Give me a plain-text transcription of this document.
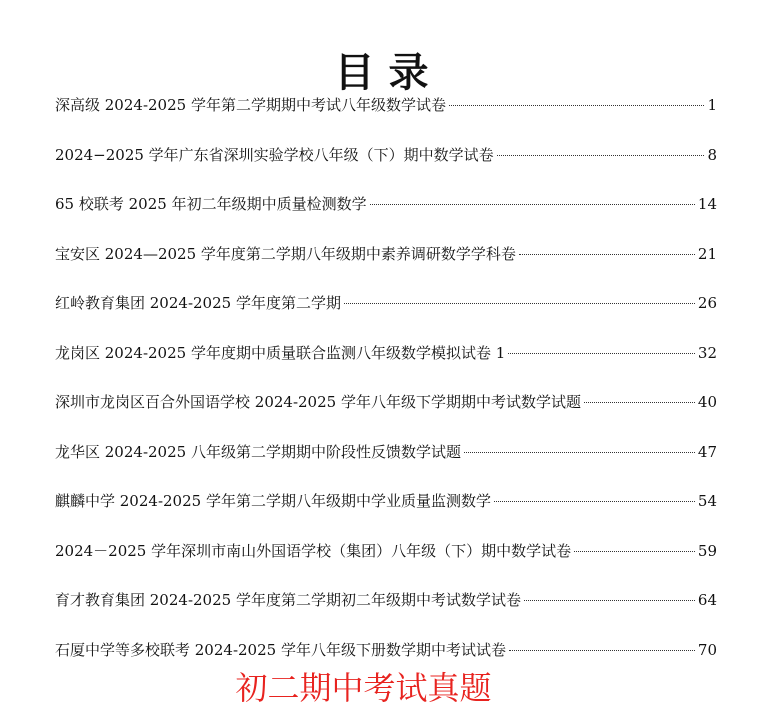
目录
深高级 2024-2025 学年第二学期期中考试八年级数学试卷	1
2024−2025 学年广东省深圳实验学校八年级（下）期中数学试卷	8
65 校联考 2025 年初二年级期中质量检测数学	14
宝安区 2024—2025 学年度第二学期八年级期中素养调研数学学科卷	21
红岭教育集团 2024-2025 学年度第二学期	26
龙岗区 2024-2025 学年度期中质量联合监测八年级数学模拟试卷 1	32
深圳市龙岗区百合外国语学校 2024-2025 学年八年级下学期期中考试数学试题	40
龙华区 2024-2025 八年级第二学期期中阶段性反馈数学试题	47
麒麟中学 2024-2025 学年第二学期八年级期中学业质量监测数学	54
2024－2025 学年深圳市南山外国语学校（集团）八年级（下）期中数学试卷	59
育才教育集团 2024-2025 学年度第二学期初二年级期中考试数学试卷	64
石厦中学等多校联考 2024-2025 学年八年级下册数学期中考试试卷	70
初二期中考试真题
